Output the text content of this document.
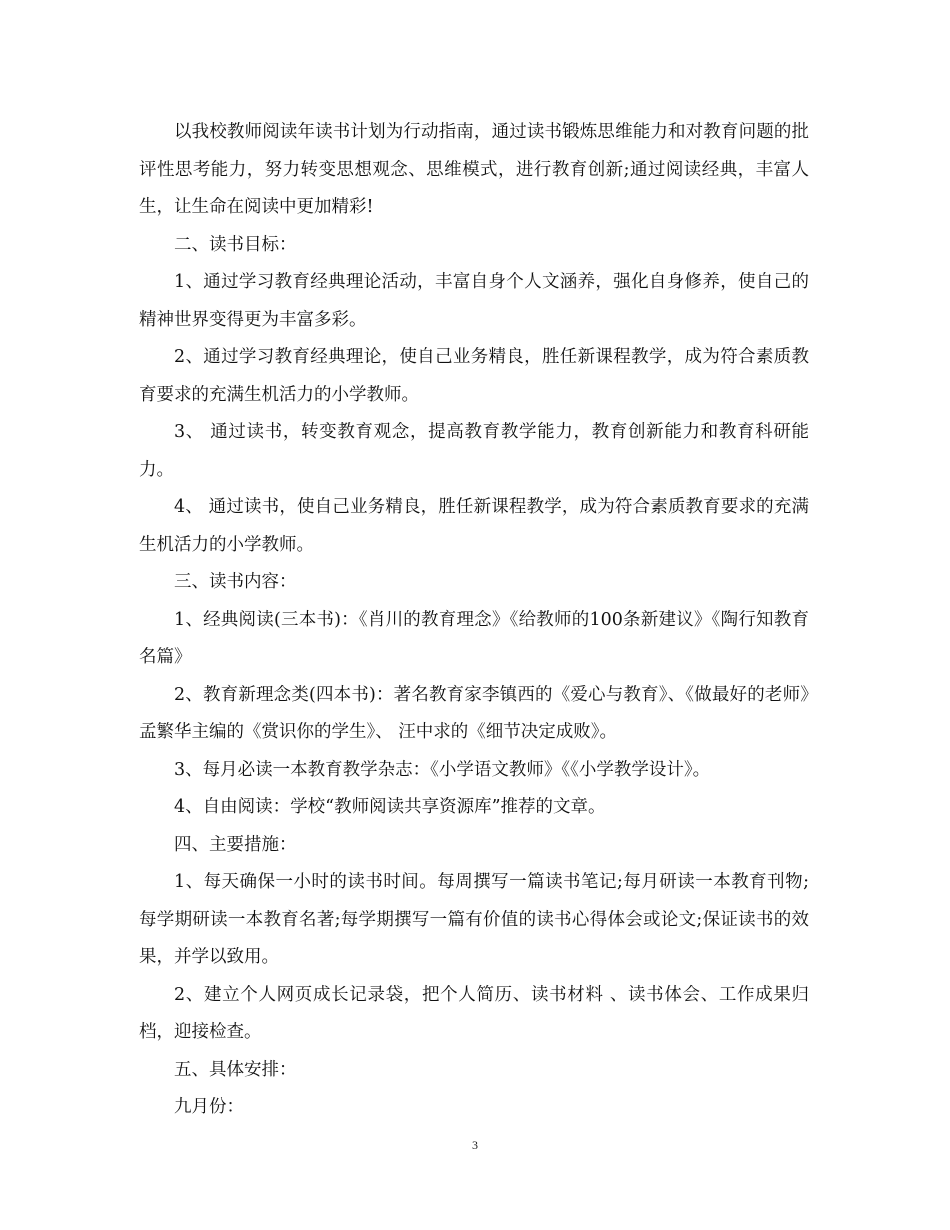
以我校教师阅读年读书计划为行动指南，通过读书锻炼思维能力和对教育问题的批评性思考能力，努力转变思想观念、思维模式，进行教育创新;通过阅读经典，丰富人生，让生命在阅读中更加精彩!

二、读书目标：

1、通过学习教育经典理论活动，丰富自身个人文涵养，强化自身修养，使自己的精神世界变得更为丰富多彩。

2、通过学习教育经典理论，使自己业务精良，胜任新课程教学，成为符合素质教育要求的充满生机活力的小学教师。

3、 通过读书，转变教育观念，提高教育教学能力，教育创新能力和教育科研能力。

4、 通过读书，使自己业务精良，胜任新课程教学，成为符合素质教育要求的充满生机活力的小学教师。

三、读书内容：

1、经典阅读(三本书)：《肖川的教育理念》《给教师的100条新建议》《陶行知教育名篇》

2、教育新理念类(四本书)：著名教育家李镇西的《爱心与教育》、《做最好的老师》孟繁华主编的《赏识你的学生》、 汪中求的《细节决定成败》。

3、每月必读一本教育教学杂志：《小学语文教师》《《小学教学设计》。

4、自由阅读：学校“教师阅读共享资源库”推荐的文章。

四、主要措施：

1、每天确保一小时的读书时间。每周撰写一篇读书笔记;每月研读一本教育刊物;每学期研读一本教育名著;每学期撰写一篇有价值的读书心得体会或论文;保证读书的效果，并学以致用。

2、建立个人网页成长记录袋，把个人简历、读书材料 、读书体会、工作成果归档，迎接检查。

五、具体安排：

九月份：

3
